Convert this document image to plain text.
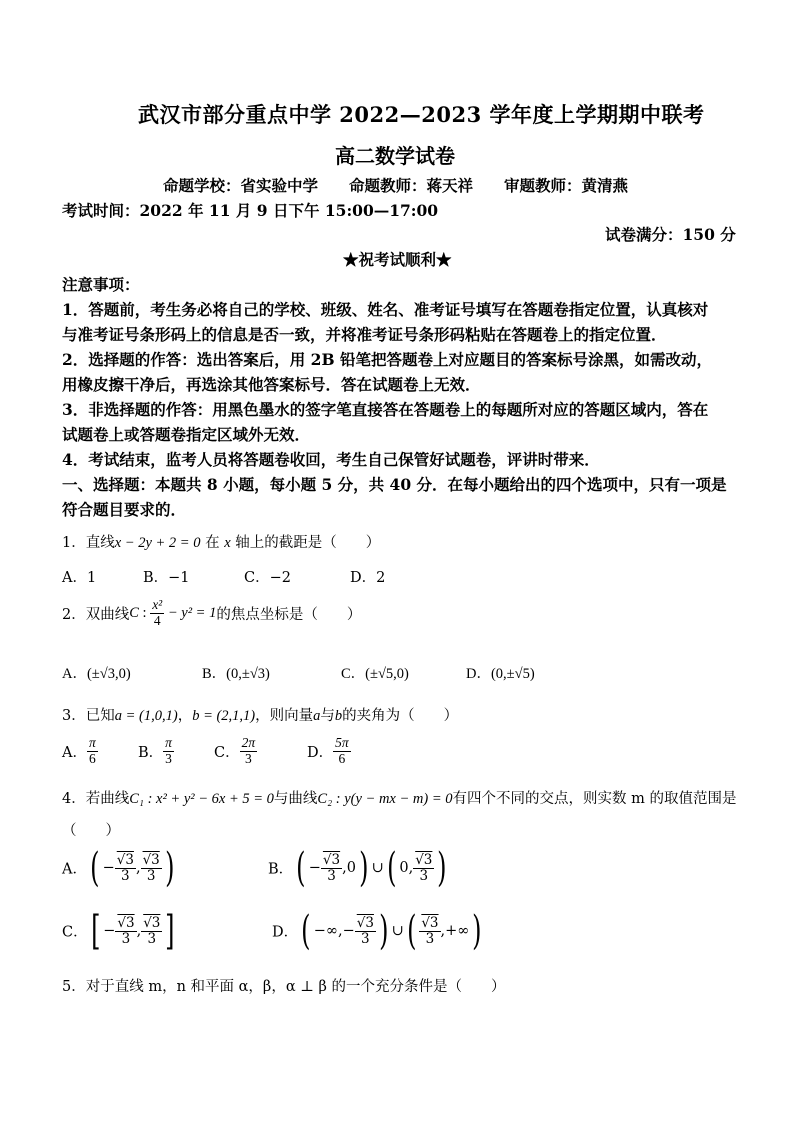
武汉市部分重点中学 2022—2023 学年度上学期期中联考
高二数学试卷
命题学校：省实验中学　　命题教师：蒋天祥　　审题教师：黄清燕
考试时间：2022 年 11 月 9 日下午 15:00—17:00
试卷满分：150 分
★祝考试顺利★
注意事项：
1．答题前，考生务必将自己的学校、班级、姓名、准考证号填写在答题卷指定位置，认真核对
与准考证号条形码上的信息是否一致，并将准考证号条形码粘贴在答题卷上的指定位置．
2．选择题的作答：选出答案后，用 2B 铅笔把答题卷上对应题目的答案标号涂黑，如需改动，
用橡皮擦干净后，再选涂其他答案标号．答在试题卷上无效．
3．非选择题的作答：用黑色墨水的签字笔直接答在答题卷上的每题所对应的答题区域内，答在
试题卷上或答题卷指定区域外无效．
4．考试结束，监考人员将答题卷收回，考生自己保管好试题卷，评讲时带来．
一、选择题：本题共 8 小题，每小题 5 分，共 40 分．在每小题给出的四个选项中，只有一项是
符合题目要求的．
1．直线x − 2y + 2 = 0 在 x 轴上的截距是（　　）
A．1	B．−1	C．−2	D．2
2．双曲线C : $\frac{\text{x²}}{4} - y^2 = 1$的焦点坐标是（　　）
A．(±√3,0)	B．(0,±√3)	C．(±√5,0)	D．(0,±√5)
3．已知a = (1,0,1)，b = (2,1,1)，则向量a与b的夹角为（　　）
A． $\frac{\pi}{6}$	B． $\frac{\pi}{3}$	C． $\frac{2\pi}{3}$	D． $\frac{5\pi}{6}$
4．若曲线C₁ : x² + y² − 6x + 5 = 0与曲线C₂ : y(y − mx − m) = 0有四个不同的交点，则实数 m 的取值范围是
（　　）
A．( − $\frac{√3}{3}$ , $\frac{√3}{3}$ )	B．( − $\frac{√3}{3} ,0$) ∪( 0, $\frac{√3}{3}$ )
C．[ − $\frac{√3}{3}$ , $\frac{√3}{3}$ ]	D．( −∞,− $\frac{√3}{3}$ ) ∪( $\frac{√3}{3}$ ,+∞)
5．对于直线 m，n 和平面 α，β，α ⊥ β 的一个充分条件是（　　）
